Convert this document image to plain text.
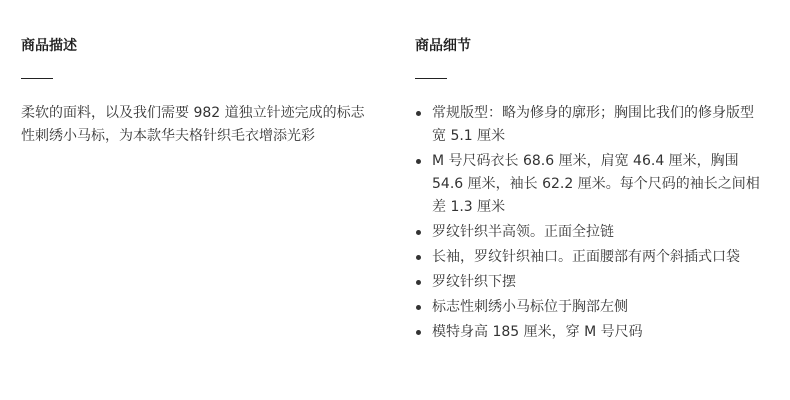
商品描述

柔软的面料，以及我们需要 982 道独立针迹完成的标志性刺绣小马标，为本款华夫格针织毛衣增添光彩

商品细节
常规版型：略为修身的廓形；胸围比我们的修身版型宽 5.1 厘米
M 号尺码衣长 68.6 厘米，肩宽 46.4 厘米，胸围 54.6 厘米，袖长 62.2 厘米。每个尺码的袖长之间相差 1.3 厘米
罗纹针织半高领。正面全拉链
长袖，罗纹针织袖口。正面腰部有两个斜插式口袋
罗纹针织下摆
标志性刺绣小马标位于胸部左侧
模特身高 185 厘米，穿 M 号尺码
